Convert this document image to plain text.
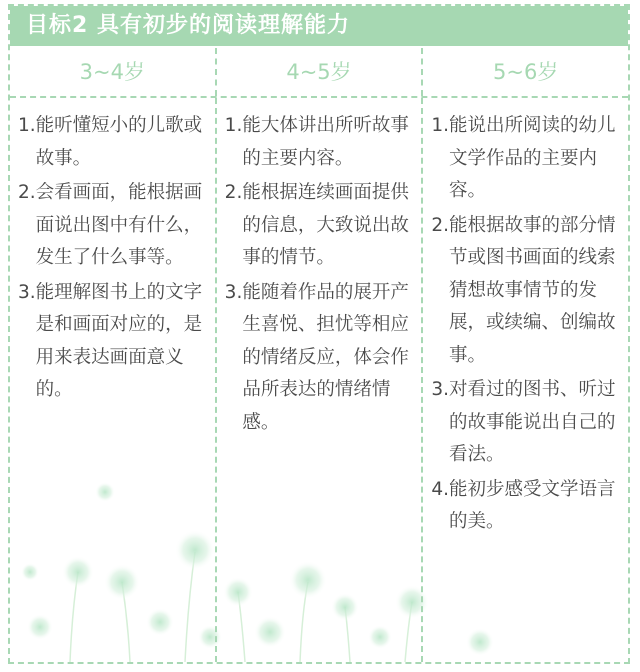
目标2 具有初步的阅读理解能力
3~4岁	4~5岁	5~6岁
1. 能听懂短小的儿歌或故事。
2. 会看画面，能根据画面说出图中有什么，发生了什么事等。
3. 能理解图书上的文字是和画面对应的，是用来表达画面意义的。
1. 能大体讲出所听故事的主要内容。
2. 能根据连续画面提供的信息，大致说出故事的情节。
3. 能随着作品的展开产生喜悦、担忧等相应的情绪反应，体会作品所表达的情绪情感。
1. 能说出所阅读的幼儿文学作品的主要内容。
2. 能根据故事的部分情节或图书画面的线索猜想故事情节的发展，或续编、创编故事。
3. 对看过的图书、听过的故事能说出自己的看法。
4. 能初步感受文学语言的美。
